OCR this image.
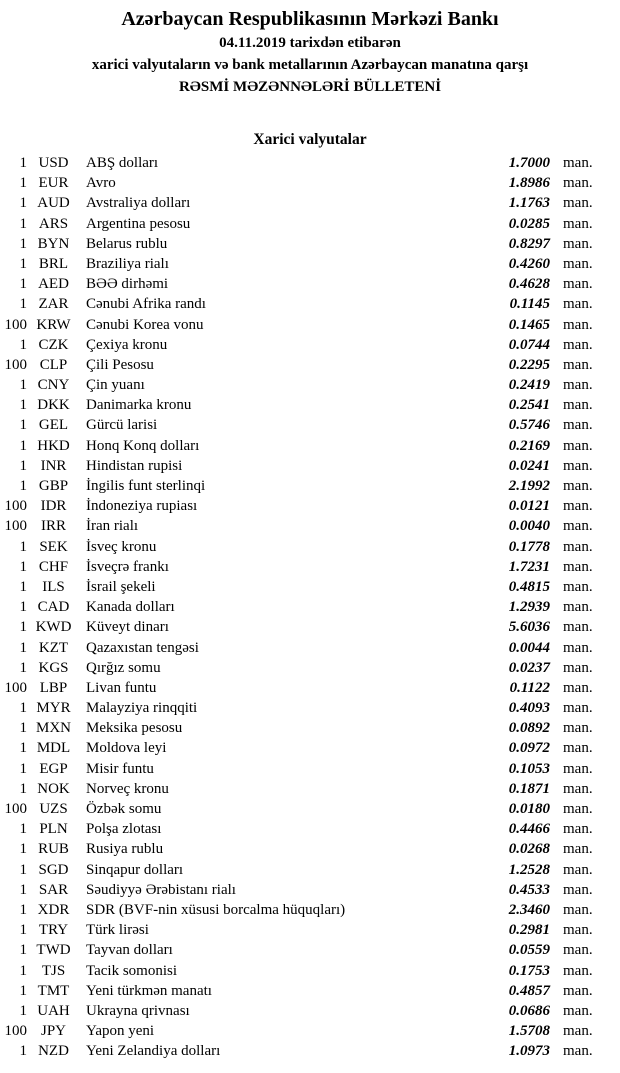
Azərbaycan Respublikasının Mərkəzi Bankı
04.11.2019 tarixdən etibarən
xarici valyutaların və bank metallarının Azərbaycan manatına qarşı
RƏSMİ MƏZƏNNƏLƏRİ BÜLLETENİ
Xarici valyutalar
1 USD	ABŞ dolları	1.7000 man.
1 EUR	Avro	1.8986 man.
1 AUD	Avstraliya dolları	1.1763 man.
1 ARS	Argentina pesosu	0.0285 man.
1 BYN	Belarus rublu	0.8297 man.
1 BRL	Braziliya rialı	0.4260 man.
1 AED	BƏƏ dirhəmi	0.4628 man.
1 ZAR	Cənubi Afrika randı	0.1145 man.
100 KRW	Cənubi Korea vonu	0.1465 man.
1 CZK	Çexiya kronu	0.0744 man.
100 CLP	Çili Pesosu	0.2295 man.
1 CNY	Çin yuanı	0.2419 man.
1 DKK	Danimarka kronu	0.2541 man.
1 GEL	Gürcü larisi	0.5746 man.
1 HKD	Honq Konq dolları	0.2169 man.
1 INR	Hindistan rupisi	0.0241 man.
1 GBP	İngilis funt sterlinqi	2.1992 man.
100 IDR	İndoneziya rupiası	0.0121 man.
100 IRR	İran rialı	0.0040 man.
1 SEK	İsveç kronu	0.1778 man.
1 CHF	İsveçrə frankı	1.7231 man.
1	ILS	İsrail şekeli	0.4815 man.
1 CAD	Kanada dolları	1.2939 man.
1 KWD Küveyt dinarı	5.6036 man.
1 KZT	Qazaxıstan tengəsi	0.0044 man.
1 KGS	Qırğız somu	0.0237 man.
100 LBP	Livan funtu	0.1122 man.
1 MYR	Malayziya rinqqiti	0.4093 man.
1 MXN	Meksika pesosu	0.0892 man.
1 MDL	Moldova leyi	0.0972 man.
1 EGP	Misir funtu	0.1053 man.
1 NOK	Norveç kronu	0.1871 man.
100 UZS	Özbək somu	0.0180 man.
1 PLN	Polşa zlotası	0.4466 man.
1 RUB	Rusiya rublu	0.0268 man.
1 SGD	Sinqapur dolları	1.2528 man.
1 SAR	Səudiyyə Ərəbistanı rialı	0.4533 man.
1 XDR	SDR (BVF-nin xüsusi borcalma hüquqları)	2.3460 man.
1 TRY	Türk lirəsi	0.2981 man.
1 TWD	Tayvan dolları	0.0559 man.
1 TJS	Tacik somonisi	0.1753 man.
1 TMT	Yeni türkmən manatı	0.4857 man.
1 UAH	Ukrayna qrivnası	0.0686 man.
100 JPY	Yapon yeni	1.5708 man.
1 NZD	Yeni Zelandiya dolları	1.0973 man.
